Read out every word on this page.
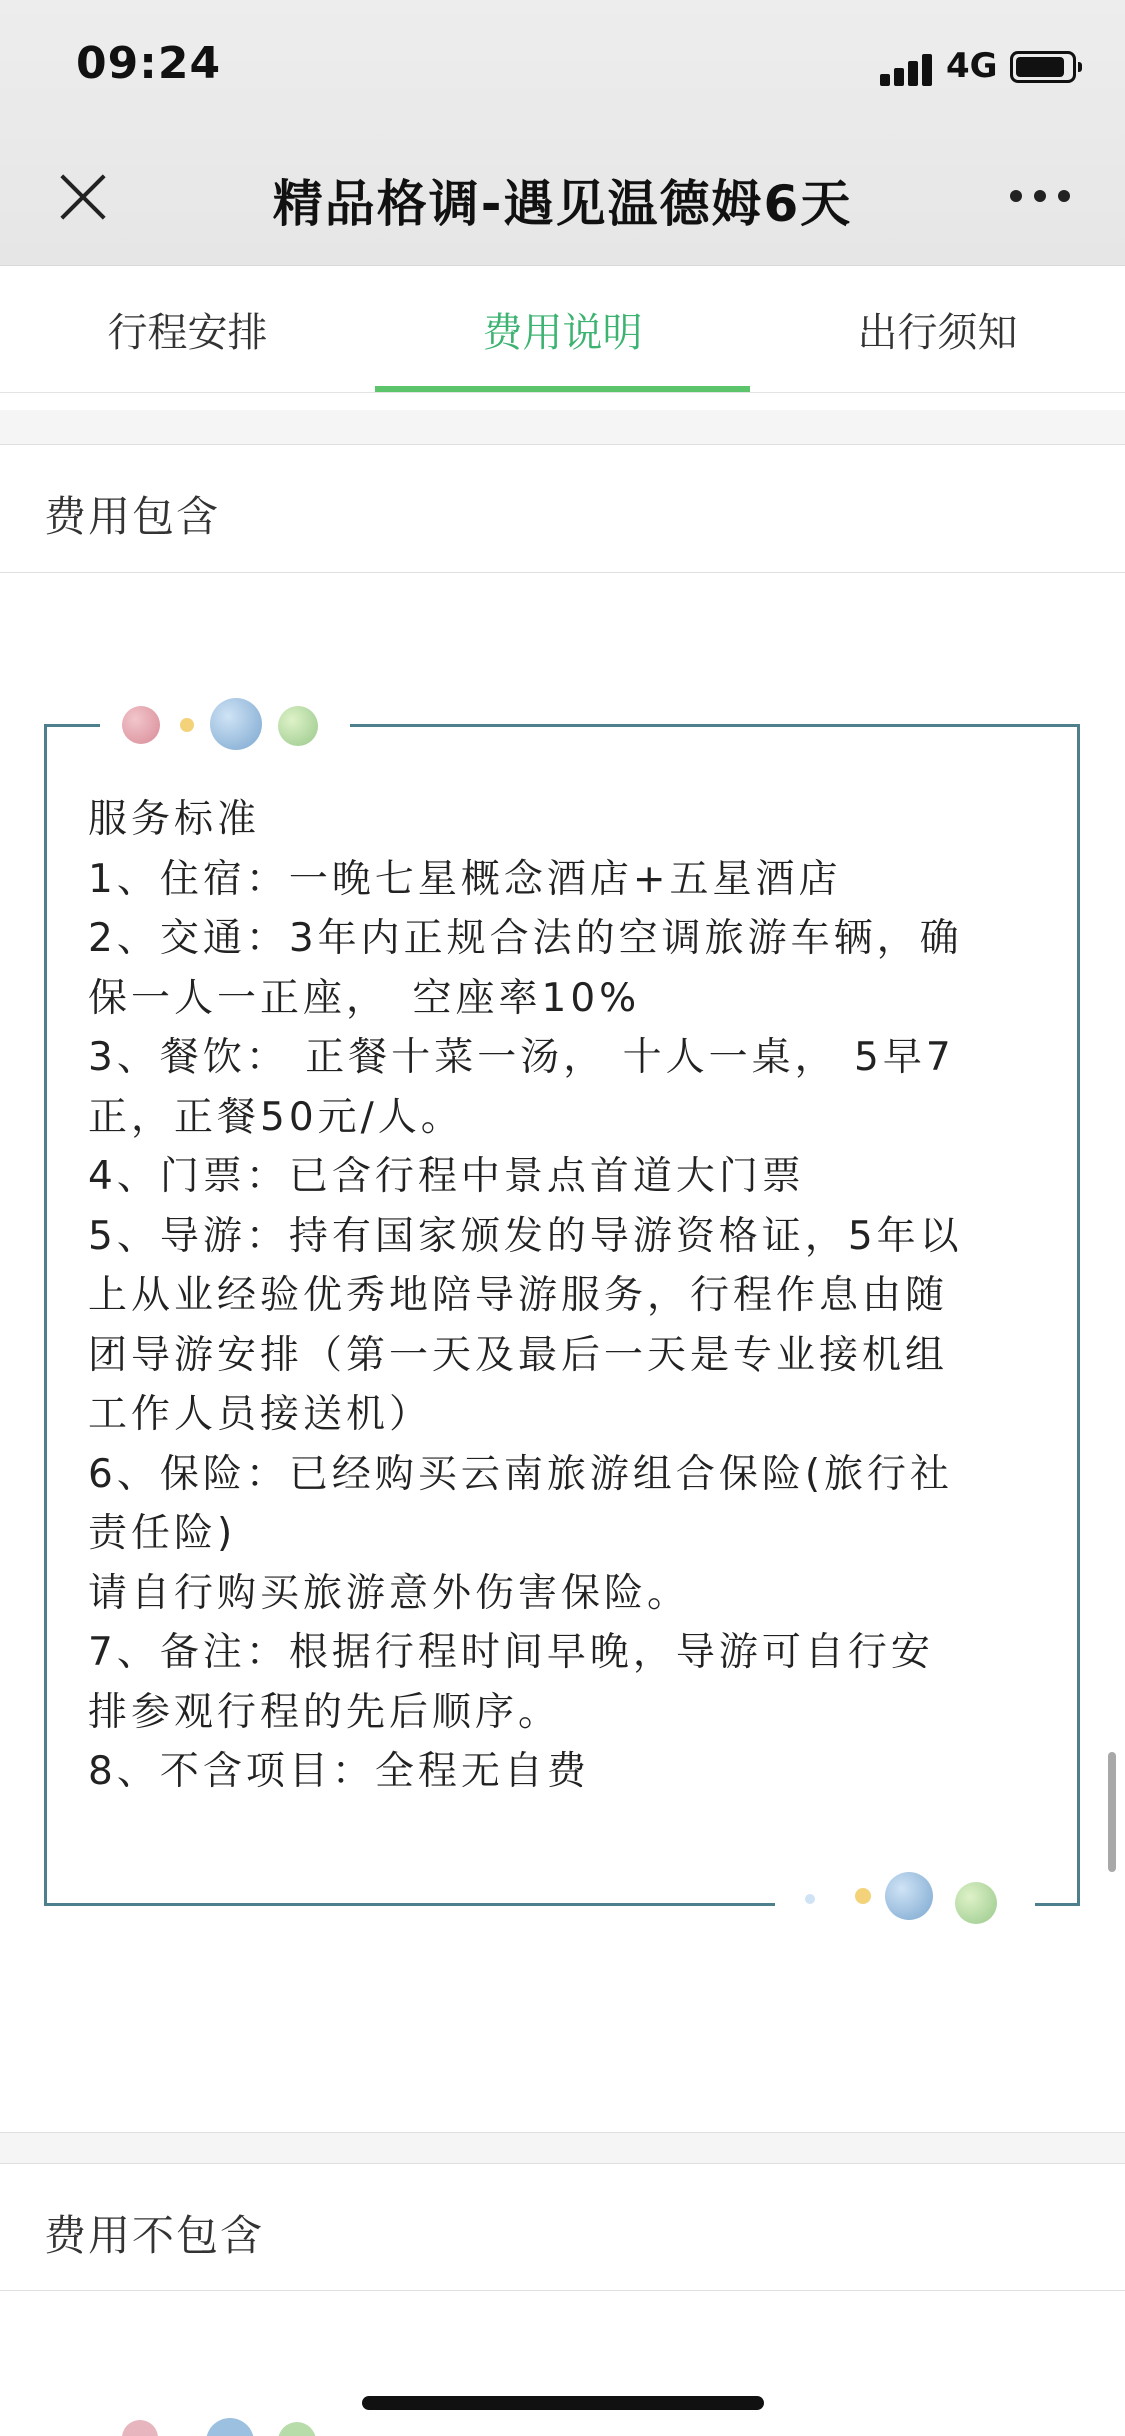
09:24	4G
精品格调-遇见温德姆6天
行程安排	费用说明	出行须知
费用包含
服务标准
1、住宿：一晚七星概念酒店+五星酒店
2、交通：3年内正规合法的空调旅游车辆，确
保一人一正座，　空座率10%
3、餐饮： 正餐十菜一汤， 十人一桌， 5早7
正，正餐50元/人。
4、门票：已含行程中景点首道大门票
5、导游：持有国家颁发的导游资格证，5年以
上从业经验优秀地陪导游服务，行程作息由随
团导游安排（第一天及最后一天是专业接机组
工作人员接送机）
6、保险：已经购买云南旅游组合保险(旅行社
责任险)
请自行购买旅游意外伤害保险。
7、备注：根据行程时间早晚，导游可自行安
排参观行程的先后顺序。
8、不含项目：全程无自费
费用不包含
